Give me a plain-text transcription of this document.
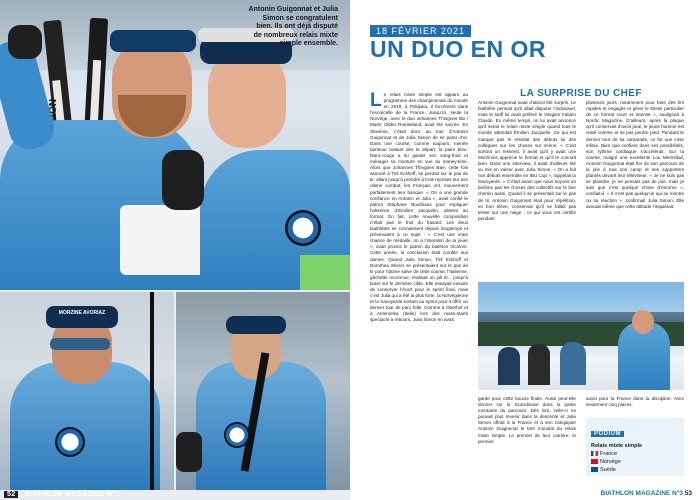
Antonin Guigonnat et Julia Simon se congratulent bien. Ils ont déjà disputé de nombreux relais mixte simple ensemble.
MORZINE AVORIAZ
52 BIATHLON MAGAZINE N°3
18 FÉVRIER 2021
UN DUO EN OR
L e relais mixte simple est apparu au programme des championnats du monde en 2019, à Pokljuka. Il forcément dans l’escarcelle de la France. Jusqu’ici, seule la Norvège, avec le duo Johannes Thingnes Bø / Marte Olsbu Roeiseland, avait été sacrée. En Slovénie, c’était donc au tour d’Antonin Guigonnat et de Julia Simon de se parer d’or. Dans une course, comme toujours, menée tambour battant dès le départ, la paire bleu-blanc-rouge a su garder son sang-froid et ménager sa monture en vue du money-time. Alors que Johannes Thingnes Bøe, cette fois associé à Tiril Eckhoff, se perdait sur le pas de tir, allant jusqu’à prendre à trois reprises sur son ultime combat, les Français ont, mouvement parfaitement leur banque. « On a une grande confiance en Antonin et Julia », avait confié le patron Stéphane Bouthiaux pour expliquer l’absence d’Émilien Jacquelin, absent au format. En fait, cette nouvelle composition n’était pas le fruit du hasard. Les deux biathlètes se connaissent depuis longtemps et prévenaient à ce sujet : « C’est une vraie chance de médaille, on a l’intention de la jouer », avait promis le patron du biathlon tricolore. Cette année, la conclusion était comble aux dames. Quand Julia Simon, Tiril Eckhoff et Dorothea Wierer se présentaient sur le pas de tir pour l’ultime salve de cette course, l’Italienne, gâchette reconnue, réalisait un joli tir... jusqu’à buter sur le dernière cible. Elle essayait ensuite de conserver l’écart pour le sprint final, mais c’est Julia qui a été la plus forte, la Norvégienne et la Savoyarde sortant au sprint pour s’offrir un dernier tour de parc folle. Comme à Oberhof et à Anterselva (Italie) lors des mass-starts spectacle à rebours, Julia Simon en avait
LA SURPRISE DU CHEF
Antonin Guigonnat avait d’abord été surpris. Le biathlète pensait qu’il allait disputer l’individuel, mais le staff lui avait préféré le Vosgien Fabien Claude. En même temps, on lui avait annoncé qu’il serait le relais mixte simple quand tous le monde attendait Émilien Jacquelin. Ce qui est marque pas le résultat des débuts lui des collègues sur les choses sur scène. « C’est surtout un ressenti, il avait qu’il y avait une Morzinois apprécie le format et qu’il le connaît bien. Dans une interview, il avait d’ailleurs été vu mis en valeur avec Julia Simon. « On a fait nos débuts ensemble en IBU Cup », rappelait la Savoyarde. « C’était avant que nous soyons un binôme pas les choses des collectifs sur le bon chemin aussi. Quand il se présentait sur le pas de tir, Antonin Guigonnat était pour répétition, en bon élève, conservait qu’il ne fallait pas tenter sur une neige ; ce qui vous ont certifié pendant
plusieurs jours, notamment pour faire des tirs rapides et engagés et gérer le stress particulier de ce format court et intense », soulignait à Nordic Magazine. D’ailleurs, après la plaque qu’il conservait d’avoir joué, le jeune homme est resté comme et se pas perdre pied. Pendant le dernier tour de sa camarade, ce fut une crise infinie. Bien que confiant dans ses possibilités, son rythme cardiaque s’accélérait. Sur la course, malgré une excellente Lou Mermillod, Antonin Guigonnat était fier de son parcours de la joie à tout son camp et ses supporters plantés devant leur téléviseur. « Je ne suis pas se plaindre, je ne pensais pas de joie, mais je sais que c’est quelque chose d’énorme », confiait-il. « Il n’est pas quelqu’un qui se montre ou sa réaction », confirmait Julia Simon. Elle avouait même que cette attitude l’inquiétait.
garde pour cette boucle finale. Aussi peut-elle donner sur la Scandinave dans la partie montante du parcours. Dès lors, celle-ci ne pouvait plus revenir dans la descente et Julia Simon offrait à la France et à son coéquipier Antonin Guigonnat le titre mondial du relais mixte simple. Le premier de leur carrière, le premier
aussi pour la France dans la discipline. Avec seulement cinq places.
PODIUM
Relais mixte simple
France
Norvège
Suède
BIATHLON MAGAZINE N°3 53
